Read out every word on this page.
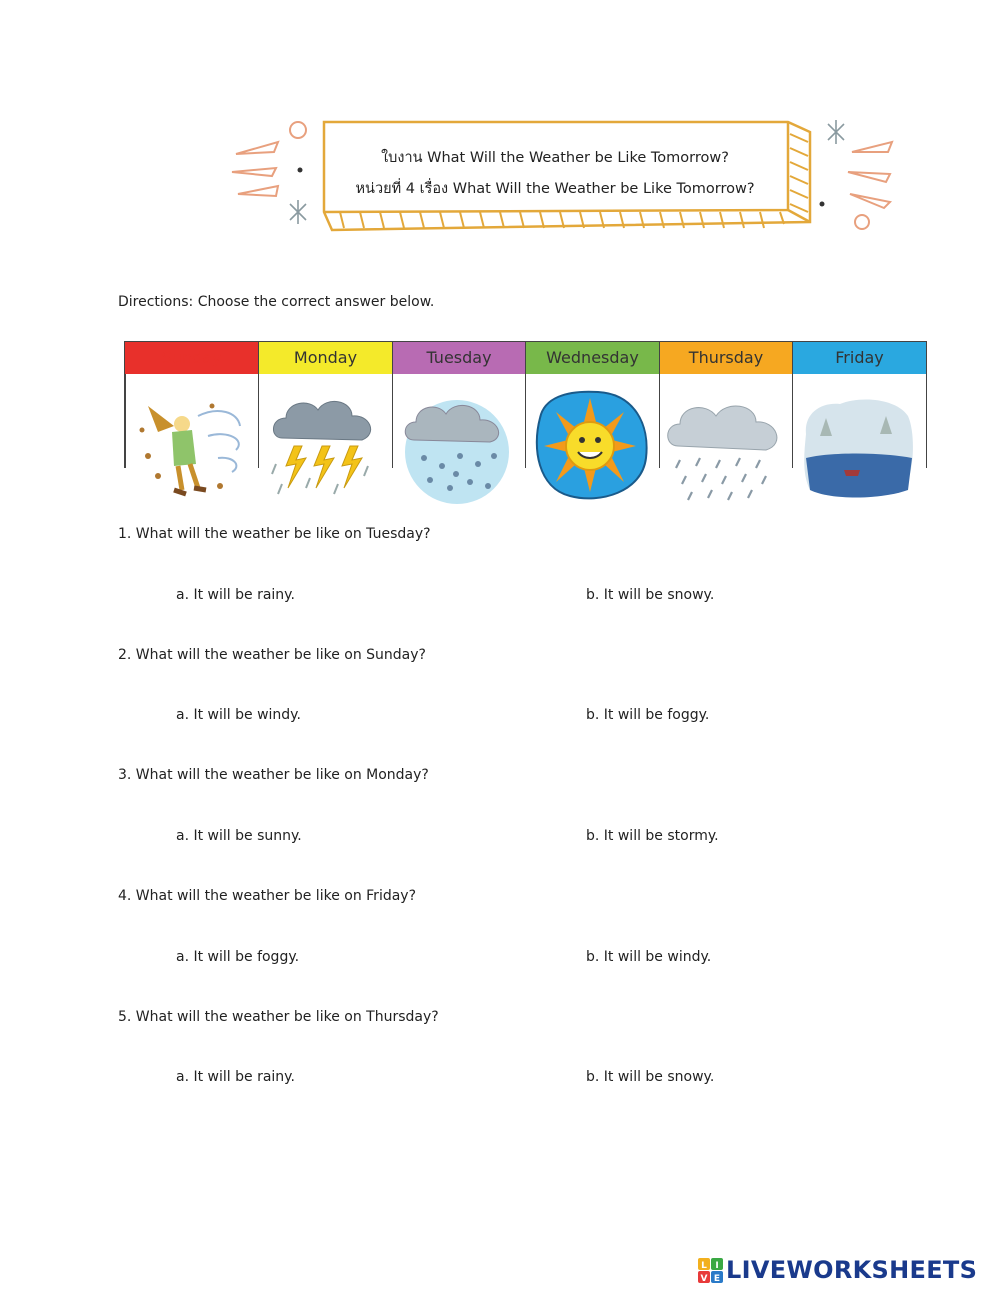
ใบงาน What Will the Weather be Like Tomorrow?
หน่วยที่ 4 เรื่อง What Will the Weather be Like Tomorrow?
Directions: Choose the correct answer below.
Sunday	Monday	Tuesday	Wednesday	Thursday	Friday
1. What will the weather be like on Tuesday?
a. It will be rainy.	b. It will be snowy.
2. What will the weather be like on Sunday?
a. It will be windy.	b. It will be foggy.
3. What will the weather be like on Monday?
a. It will be sunny.	b. It will be stormy.
4. What will the weather be like on Friday?
a. It will be foggy.	b. It will be windy.
5. What will the weather be like on Thursday?
a. It will be rainy.	b. It will be snowy.
L I
V E LIVEWORKSHEETS
